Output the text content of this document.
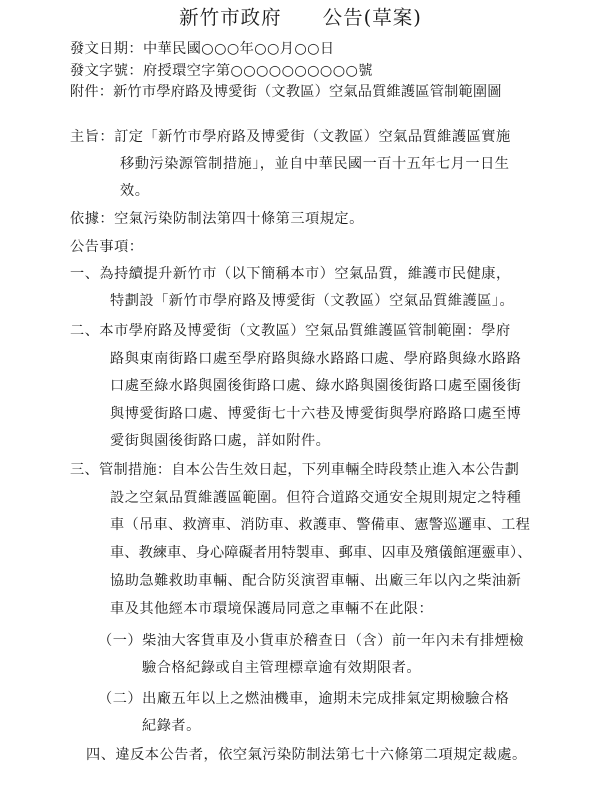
新竹市政府　　公告(草案)
發文日期：中華民國○○○年○○月○○日
發文字號：府授環空字第○○○○○○○○○○號
附件：新竹市學府路及博愛街（文教區）空氣品質維護區管制範圍圖
主旨：訂定「新竹市學府路及博愛街（文教區）空氣品質維護區實施
移動污染源管制措施」，並自中華民國一百十五年七月一日生
效。
依據：空氣污染防制法第四十條第三項規定。
公告事項：
一、為持續提升新竹市（以下簡稱本市）空氣品質，維護市民健康，
特劃設「新竹市學府路及博愛街（文教區）空氣品質維護區」。
二、本市學府路及博愛街（文教區）空氣品質維護區管制範圍：學府
路與東南街路口處至學府路與綠水路路口處、學府路與綠水路路
口處至綠水路與園後街路口處、綠水路與園後街路口處至園後街
與博愛街路口處、博愛街七十六巷及博愛街與學府路路口處至博
愛街與園後街路口處，詳如附件。
三、管制措施：自本公告生效日起，下列車輛全時段禁止進入本公告劃
設之空氣品質維護區範圍。但符合道路交通安全規則規定之特種
車（吊車、救濟車、消防車、救護車、警備車、憲警巡邏車、工程
車、教練車、身心障礙者用特製車、郵車、囚車及殯儀館運靈車）、
協助急難救助車輛、配合防災演習車輛、出廠三年以內之柴油新
車及其他經本市環境保護局同意之車輛不在此限：
（一）柴油大客貨車及小貨車於稽查日（含）前一年內未有排煙檢
驗合格紀錄或自主管理標章逾有效期限者。
（二）出廠五年以上之燃油機車，逾期未完成排氣定期檢驗合格
紀錄者。
四、違反本公告者，依空氣污染防制法第七十六條第二項規定裁處。
